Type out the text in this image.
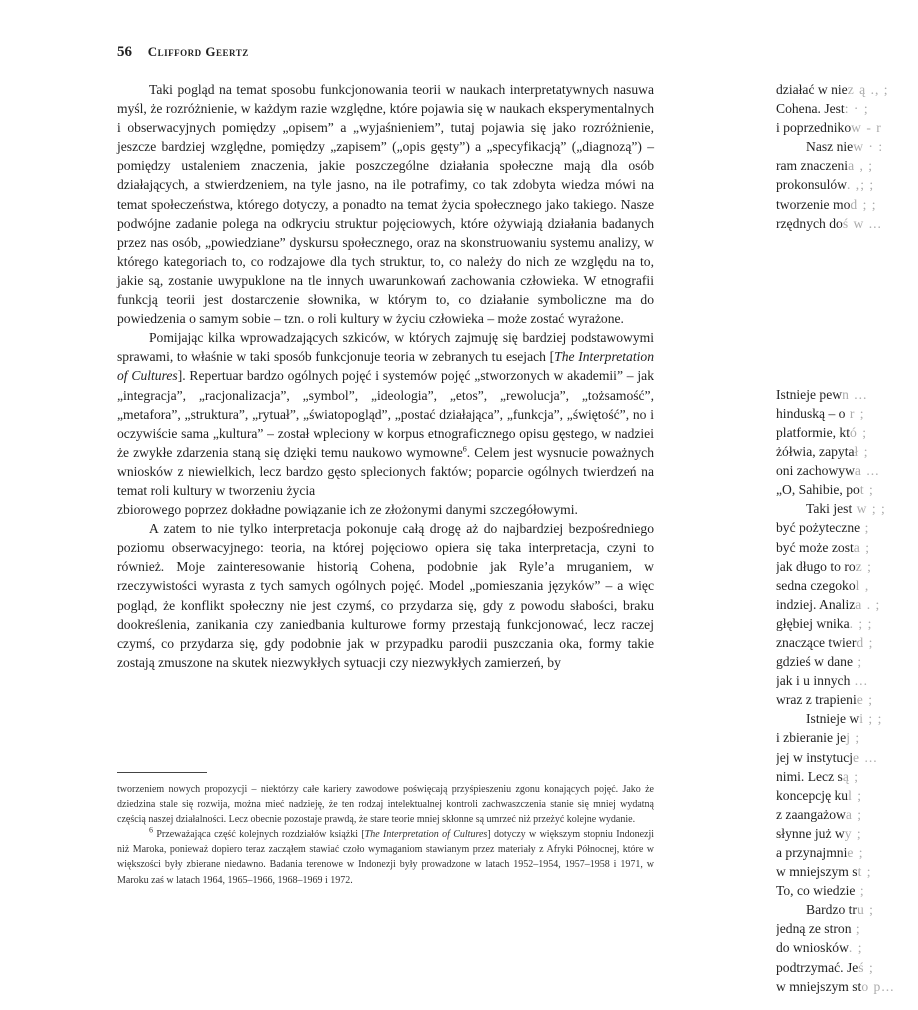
56 Clifford Geertz

Taki pogląd na temat sposobu funkcjonowania teorii w naukach interpretatywnych nasuwa myśl, że rozróżnienie, w każdym razie względne, które pojawia się w naukach eksperymentalnych i obserwacyjnych pomiędzy „opisem” a „wyjaśnieniem”, tutaj pojawia się jako rozróżnienie, jeszcze bardziej względne, pomiędzy „zapisem” („opis gęsty”) a „specyfikacją” („diagnozą”) – pomiędzy ustaleniem znaczenia, jakie poszczególne działania społeczne mają dla osób działających, a stwierdzeniem, na tyle jasno, na ile potrafimy, co tak zdobyta wiedza mówi na temat społeczeństwa, którego dotyczy, a ponadto na temat życia społecznego jako takiego. Nasze podwójne zadanie polega na odkryciu struktur pojęciowych, które ożywiają działania badanych przez nas osób, „powiedziane” dyskursu społecznego, oraz na skonstruowaniu systemu analizy, w którego kategoriach to, co rodzajowe dla tych struktur, to, co należy do nich ze względu na to, jakie są, zostanie uwypuklone na tle innych uwarunkowań zachowania człowieka. W etnografii funkcją teorii jest dostarczenie słownika, w którym to, co działanie symboliczne ma do powiedzenia o samym sobie – tzn. o roli kultury w życiu człowieka – może zostać wyrażone.

Pomijając kilka wprowadzających szkiców, w których zajmuję się bardziej podstawowymi sprawami, to właśnie w taki sposób funkcjonuje teoria w zebranych tu esejach [The Interpretation of Cultures]. Repertuar bardzo ogólnych pojęć i systemów pojęć „stworzonych w akademii” – jak „integracja”, „racjonalizacja”, „symbol”, „ideologia”, „etos”, „rewolucja”, „tożsamość”, „metafora”, „struktura”, „rytuał”, „światopogląd”, „postać działająca”, „funkcja”, „świętość”, no i oczywiście sama „kultura” – został wpleciony w korpus etnograficznego opisu gęstego, w nadziei że zwykłe zdarzenia staną się dzięki temu naukowo wymowne$^6$. Celem jest wysnucie poważnych wniosków z niewielkich, lecz bardzo gęsto splecionych faktów; poparcie ogólnych twierdzeń na temat roli kultury w tworzeniu życia

zbiorowego poprzez dokładne powiązanie ich ze złożonymi danymi szczegółowymi.

A zatem to nie tylko interpretacja pokonuje całą drogę aż do najbardziej bezpośredniego poziomu obserwacyjnego: teoria, na której pojęciowo opiera się taka interpretacja, czyni to również. Moje zainteresowanie historią Cohena, podobnie jak Ryle’a mruganiem, w rzeczywistości wyrasta z tych samych ogólnych pojęć. Model „pomieszania języków” – a więc pogląd, że konflikt społeczny nie jest czymś, co przydarza się, gdy z powodu słabości, braku dookreślenia, zanikania czy zaniedbania kulturowe formy przestają funkcjonować, lecz raczej czymś, co przydarza się, gdy podobnie jak w przypadku parodii puszczania oka, formy takie zostają zmuszone na skutek niezwykłych sytuacji czy niezwykłych zamierzeń, by

tworzeniem nowych propozycji – niektórzy całe kariery zawodowe poświęcają przyśpieszeniu zgonu konających pojęć. Jako że dziedzina stale się rozwija, można mieć nadzieję, że ten rodzaj intelektualnej kontroli zachwaszczenia stanie się mniej wydatną częścią naszej działalności. Lecz obecnie pozostaje prawdą, że stare teorie mniej skłonne są umrzeć niż przeżyć kolejne wydanie.

$^6$ Przeważająca część kolejnych rozdziałów książki [The Interpretation of Cultures] dotyczy w większym stopniu Indonezji niż Maroka, ponieważ dopiero teraz zacząłem stawiać czoło wymaganiom stawianym przez materiały z Afryki Północnej, które w większości były zbierane niedawno. Badania terenowe w Indonezji były prowadzone w latach 1952–1954, 1957–1958 i 1971, w Maroku zaś w latach 1964, 1965–1966, 1968–1969 i 1972.

działać w niez ą ., ;
Cohena. Jest: · ;
i poprzednikow - r
Nasz niew · :
ram znaczenia , ;
prokonsulów. ,; ;
tworzenie mod ; ;
rzędnych doś w ...
Istnieje pewn ...
hinduską – o r ;
platformie, któ ;
żółwia, zapytał ;
oni zachowywa ...
„O, Sahibie, pot ;
Taki jest w ; ;
być pożyteczne ;
być może zosta ;
jak długo to roz ;
sedna czegokol ,
indziej. Analiza . ;
głębiej wnika. ; ;
znaczące twierd ;
gdzieś w dane ;
jak i u innych ...
wraz z trapienie ;
Istnieje wi ; ;
i zbieranie jej ;
jej w instytucje ...
nimi. Lecz są ;
koncepcję kul ;
z zaangażowa ;
słynne już wy ;
a przynajmnie ;
w mniejszym st ;
To, co wiedzie ;
Bardzo tru ;
jedną ze stron ;
do wniosków. ;
podtrzymać. Jeś ;
w mniejszym sto p...
